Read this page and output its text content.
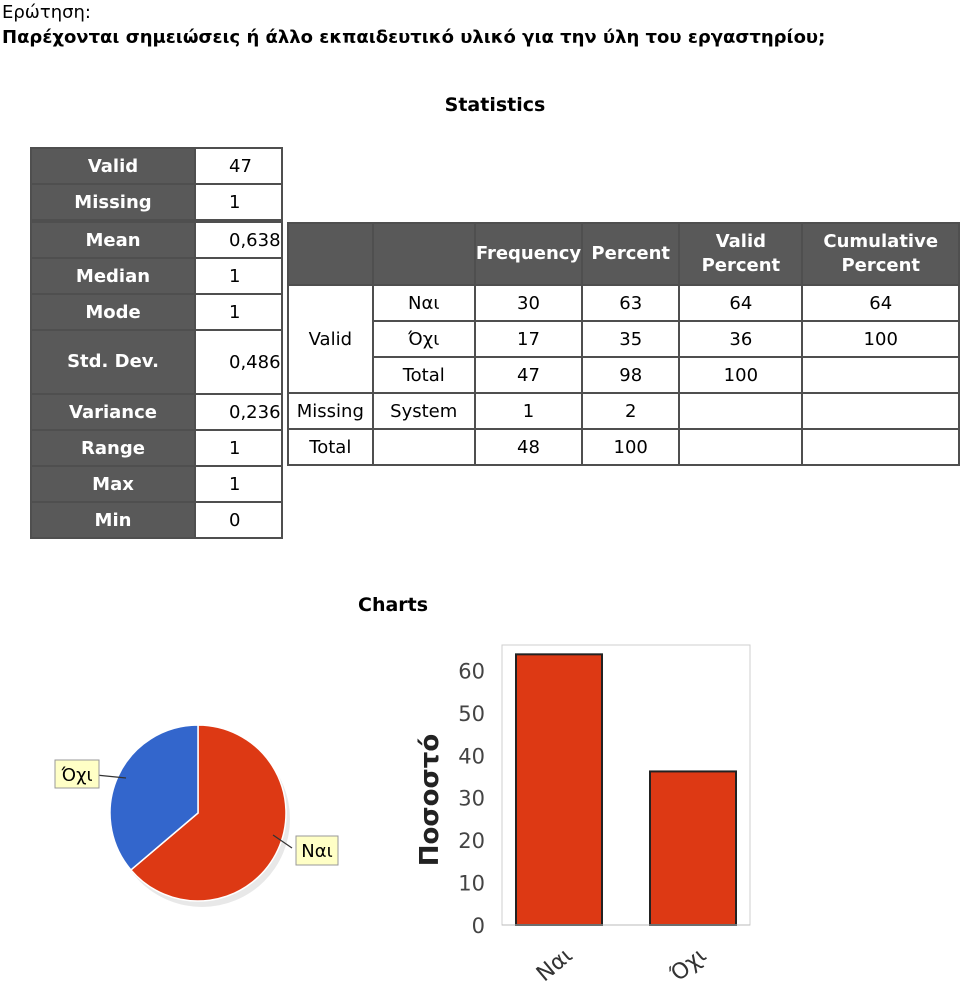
Ερώτηση:
Παρέχονται σημειώσεις ή άλλο εκπαιδευτικό υλικό για την ύλη του εργαστηρίου;
Statistics
Valid	47
Missing	1
Mean	0,638
Median	1
Mode	1
Std. Dev.	0,486
Variance	0,236
Range	1
Max	1
Min	0
		Frequency	Percent	Valid Percent	Cumulative Percent
Valid	Ναι	30	63	64	64
	Όχι	17	35	36	100
	Total	47	98	100	
Missing	System	1	2		
Total		48	100		
Charts
Όχι
Ναι	Ποσοστό
0
10
20
30
40
50
60
Ναι	Όχι
